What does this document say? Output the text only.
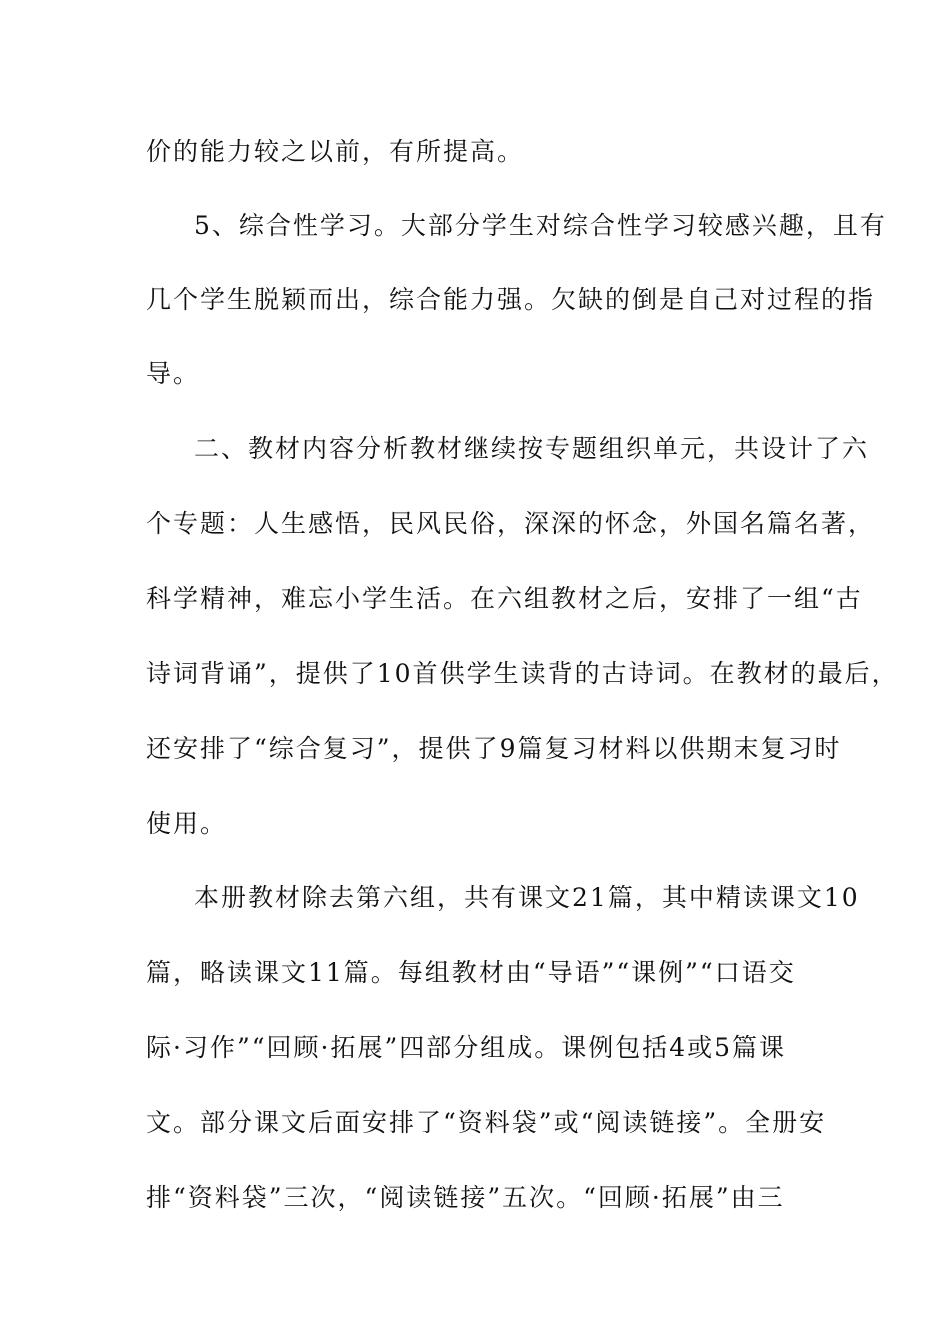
价的能力较之以前，有所提高。

5、综合性学习。大部分学生对综合性学习较感兴趣，且有

几个学生脱颖而出，综合能力强。欠缺的倒是自己对过程的指

导。

二、教材内容分析教材继续按专题组织单元，共设计了六

个专题：人生感悟，民风民俗，深深的怀念，外国名篇名著，

科学精神，难忘小学生活。在六组教材之后，安排了一组“古

诗词背诵”，提供了10首供学生读背的古诗词。在教材的最后，

还安排了“综合复习”，提供了9篇复习材料以供期末复习时

使用。

本册教材除去第六组，共有课文21篇，其中精读课文10

篇，略读课文11篇。每组教材由“导语”“课例”“口语交

际·习作”“回顾·拓展”四部分组成。课例包括4或5篇课

文。部分课文后面安排了“资料袋”或“阅读链接”。全册安

排“资料袋”三次，“阅读链接”五次。“回顾·拓展”由三
